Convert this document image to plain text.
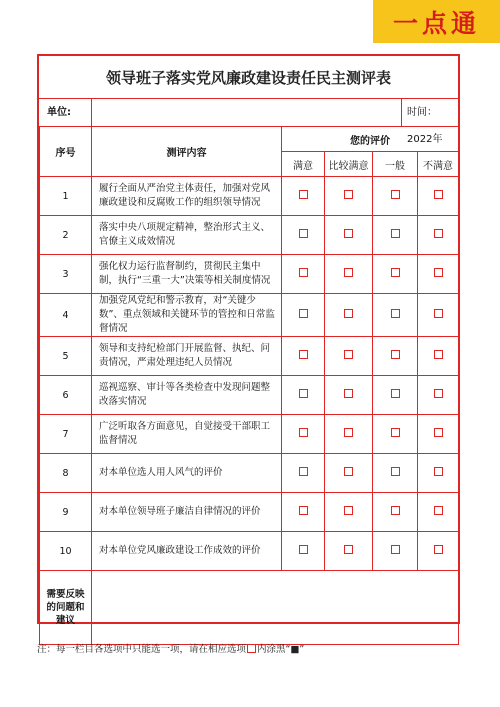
一点通
领导班子落实党风廉政建设责任民主测评表
单位:	时间：2022年
序号	测评内容	您的评价			
		满意	比较满意	一般	不满意
1	履行全面从严治党主体责任，加强对党风廉政建设和反腐败工作的组织领导情况				
2	落实中央八项规定精神，整治形式主义、官僚主义成效情况				
3	强化权力运行监督制约，贯彻民主集中制，执行“三重一大”决策等相关制度情况				
4	加强党风党纪和警示教育，对“关键少数”、重点领域和关键环节的管控和日常监督情况				
5	领导和支持纪检部门开展监督、执纪、问责情况，严肃处理违纪人员情况				
6	巡视巡察、审计等各类检查中发现问题整改落实情况				
7	广泛听取各方面意见，自觉接受干部职工监督情况				
8	对本单位选人用人风气的评价				
9	对本单位领导班子廉洁自律情况的评价				
10	对本单位党风廉政建设工作成效的评价				
需要反映的问题和建议					
注：每一栏目各选项中只能选一项，请在相应选项 内涂黑“■”
